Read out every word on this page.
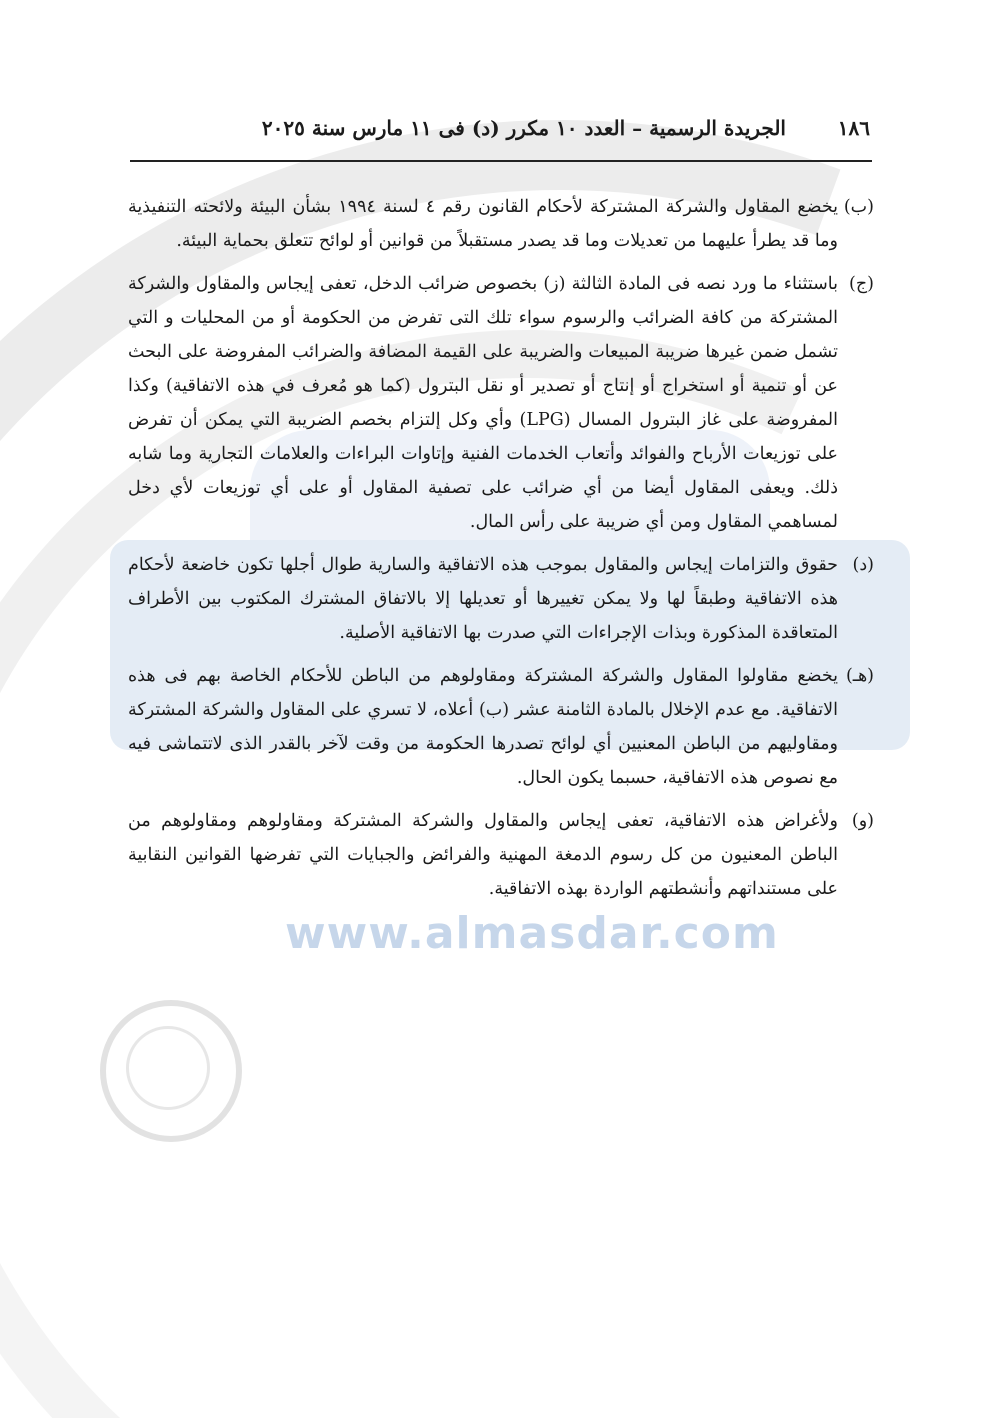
www.almasdar.com
١٨٦
الجريدة الرسمية – العدد ١٠ مكرر (د) فى ١١ مارس سنة ٢٠٢٥

(ب)
يخضع المقاول والشركة المشتركة لأحكام القانون رقم ٤ لسنة ١٩٩٤ بشأن البيئة ولائحته التنفيذية وما قد يطرأ عليهما من تعديلات وما قد يصدر مستقبلاً من قوانين أو لوائح تتعلق بحماية البيئة.

(ج)
باستثناء ما ورد نصه فى المادة الثالثة (ز) بخصوص ضرائب الدخل، تعفى إيجاس والمقاول والشركة المشتركة من كافة الضرائب والرسوم سواء تلك التى تفرض من الحكومة أو من المحليات و التي تشمل ضمن غيرها ضريبة المبيعات والضريبة على القيمة المضافة والضرائب المفروضة على البحث عن أو تنمية أو استخراج أو إنتاج أو تصدير أو نقل البترول (كما هو مُعرف في هذه الاتفاقية) وكذا المفروضة على غاز البترول المسال (LPG) وأي وكل إلتزام بخصم الضريبة التي يمكن أن تفرض على توزيعات الأرباح والفوائد وأتعاب الخدمات الفنية وإتاوات البراءات والعلامات التجارية وما شابه ذلك. ويعفى المقاول أيضا من أي ضرائب على تصفية المقاول أو على أي توزيعات لأي دخل لمساهمي المقاول ومن أي ضريبة على رأس المال.

(د)
حقوق والتزامات إيجاس والمقاول بموجب هذه الاتفاقية والسارية طوال أجلها تكون خاضعة لأحكام هذه الاتفاقية وطبقاً لها ولا يمكن تغييرها أو تعديلها إلا بالاتفاق المشترك المكتوب بين الأطراف المتعاقدة المذكورة وبذات الإجراءات التي صدرت بها الاتفاقية الأصلية.

(هـ)
يخضع مقاولوا المقاول والشركة المشتركة ومقاولوهم من الباطن للأحكام الخاصة بهم فى هذه الاتفاقية. مع عدم الإخلال بالمادة الثامنة عشر (ب) أعلاه، لا تسري على المقاول والشركة المشتركة ومقاوليهم من الباطن المعنيين أي لوائح تصدرها الحكومة من وقت لآخر بالقدر الذى لاتتماشى فيه مع نصوص هذه الاتفاقية، حسبما يكون الحال.

(و)
ولأغراض هذه الاتفاقية، تعفى إيجاس والمقاول والشركة المشتركة ومقاولوهم ومقاولوهم من الباطن المعنيون من كل رسوم الدمغة المهنية والفرائض والجبايات التي تفرضها القوانين النقابية على مستنداتهم وأنشطتهم الواردة بهذه الاتفاقية.
